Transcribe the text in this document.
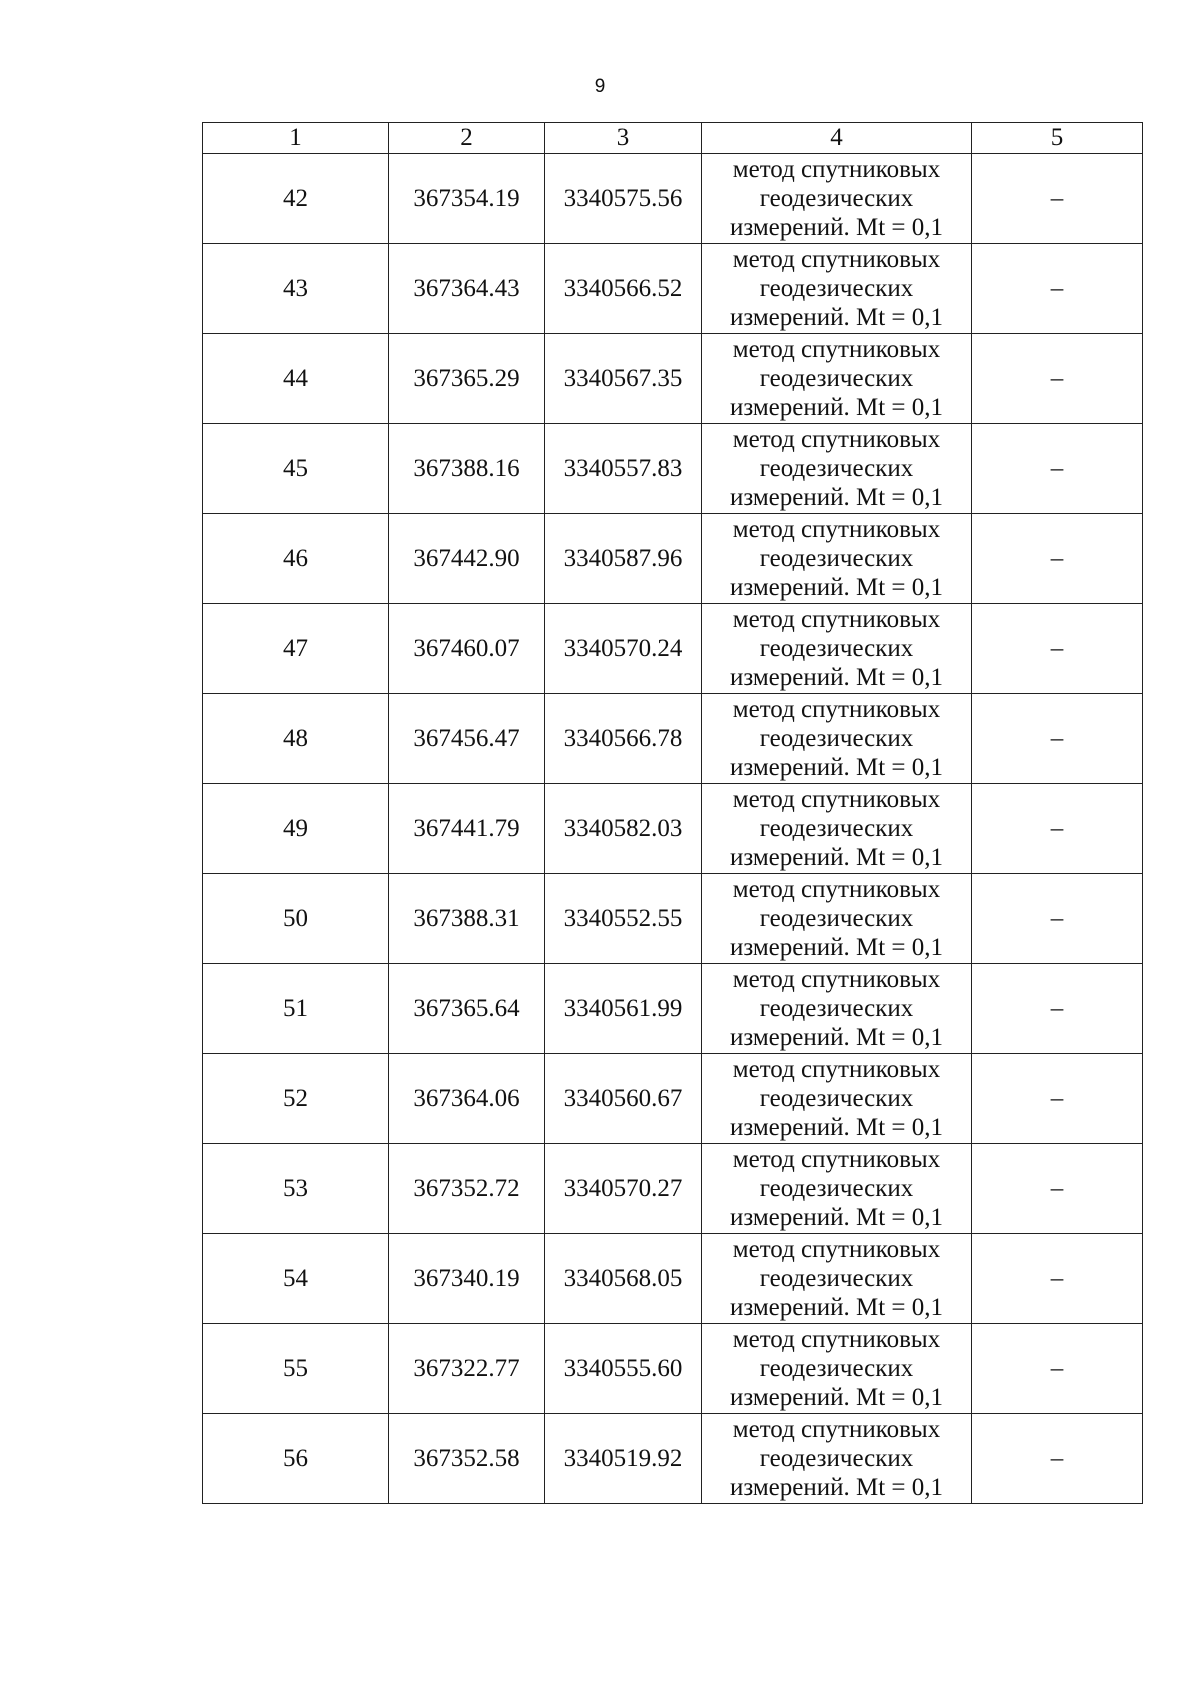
9
1	2	3	4	5
42	367354.19	3340575.56	метод спутниковых
геодезических
измерений. Mt = 0,1	–
43	367364.43	3340566.52	метод спутниковых
геодезических
измерений. Mt = 0,1	–
44	367365.29	3340567.35	метод спутниковых
геодезических
измерений. Mt = 0,1	–
45	367388.16	3340557.83	метод спутниковых
геодезических
измерений. Mt = 0,1	–
46	367442.90	3340587.96	метод спутниковых
геодезических
измерений. Mt = 0,1	–
47	367460.07	3340570.24	метод спутниковых
геодезических
измерений. Mt = 0,1	–
48	367456.47	3340566.78	метод спутниковых
геодезических
измерений. Mt = 0,1	–
49	367441.79	3340582.03	метод спутниковых
геодезических
измерений. Mt = 0,1	–
50	367388.31	3340552.55	метод спутниковых
геодезических
измерений. Mt = 0,1	–
51	367365.64	3340561.99	метод спутниковых
геодезических
измерений. Mt = 0,1	–
52	367364.06	3340560.67	метод спутниковых
геодезических
измерений. Mt = 0,1	–
53	367352.72	3340570.27	метод спутниковых
геодезических
измерений. Mt = 0,1	–
54	367340.19	3340568.05	метод спутниковых
геодезических
измерений. Mt = 0,1	–
55	367322.77	3340555.60	метод спутниковых
геодезических
измерений. Mt = 0,1	–
56	367352.58	3340519.92	метод спутниковых
геодезических
измерений. Mt = 0,1	–
